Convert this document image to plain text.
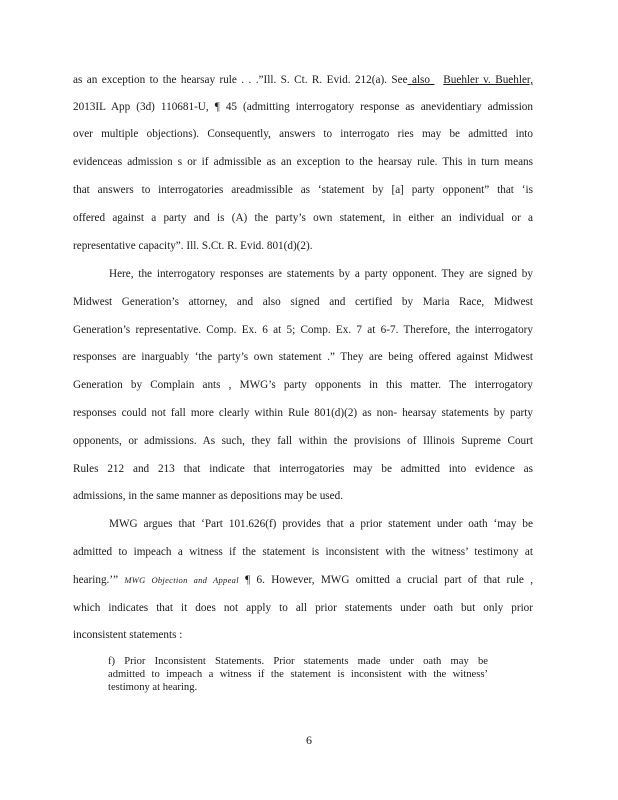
as an exception to the hearsay rule . . .”Ill. S. Ct. R. Evid. 212(a). See also   Buehler v. Buehler,
2013IL App (3d) 110681-U, ¶ 45 (admitting interrogatory response as anevidentiary admission
over multiple objections). Consequently, answers to interrogato ries may be admitted into
evidenceas admission s or if admissible as an exception to the hearsay rule. This in turn means
that answers to interrogatories areadmissible as ‘statement by [a] party opponent” that ‘is
offered against a party and is (A) the party’s own statement, in either an individual or a
representative capacity”. Ill. S.Ct. R. Evid. 801(d)(2).
Here, the interrogatory responses are statements by a party opponent. They are signed by
Midwest Generation’s attorney, and also signed and certified by Maria Race, Midwest
Generation’s representative. Comp. Ex. 6 at 5; Comp. Ex. 7 at 6-7. Therefore, the interrogatory
responses are inarguably ‘the party’s own statement .” They are being offered against Midwest
Generation by Complain ants , MWG’s party opponents in this matter. The interrogatory
responses could not fall more clearly within Rule 801(d)(2) as non- hearsay statements by party
opponents, or admissions. As such, they fall within the provisions of Illinois Supreme Court
Rules 212 and 213 that indicate that interrogatories may be admitted into evidence as
admissions, in the same manner as depositions may be used.
MWG argues that ‘Part 101.626(f) provides that a prior statement under oath ‘may be
admitted to impeach a witness if the statement is inconsistent with the witness’ testimony at
hearing.’” MWG Objection and Appeal ¶ 6. However, MWG omitted a crucial part of that rule ,
which indicates that it does not apply to all prior statements under oath but only prior
inconsistent statements :
f) Prior Inconsistent Statements. Prior statements made under oath may be
admitted to impeach a witness if the statement is inconsistent with the witness’
testimony at hearing.
6
